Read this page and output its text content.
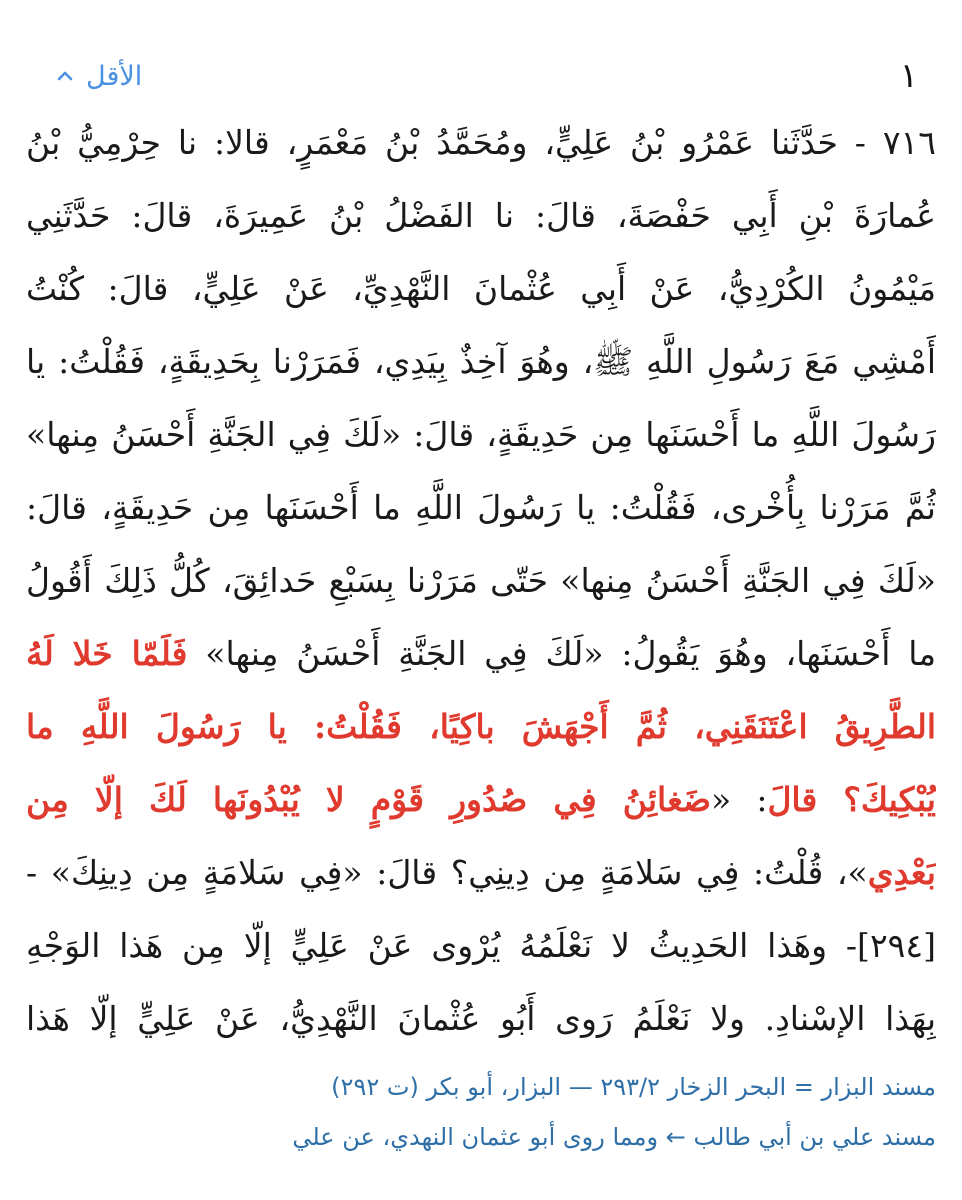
الأقل	١
٧١٦ - حَدَّثَنا عَمْرُو بْنُ عَلِيٍّ، ومُحَمَّدُ بْنُ مَعْمَرٍ، قالا: نا حِرْمِيُّ بْنُ
عُمارَةَ بْنِ أَبِي حَفْصَةَ، قالَ: نا الفَضْلُ بْنُ عَمِيرَةَ، قالَ: حَدَّثَنِي
مَيْمُونُ الكُرْدِيُّ، عَنْ أَبِي عُثْمانَ النَّهْدِيِّ، عَنْ عَلِيٍّ، قالَ: كُنْتُ
أَمْشِي مَعَ رَسُولِ اللَّهِ ﷺ، وهُوَ آخِذٌ بِيَدِي، فَمَرَرْنا بِحَدِيقَةٍ، فَقُلْتُ: يا
رَسُولَ اللَّهِ ما أَحْسَنَها مِن حَدِيقَةٍ، قالَ: «لَكَ فِي الجَنَّةِ أَحْسَنُ مِنها»
ثُمَّ مَرَرْنا بِأُخْرى، فَقُلْتُ: يا رَسُولَ اللَّهِ ما أَحْسَنَها مِن حَدِيقَةٍ، قالَ:
«لَكَ فِي الجَنَّةِ أَحْسَنُ مِنها» حَتّى مَرَرْنا بِسَبْعِ حَدائِقَ، كُلُّ ذَلِكَ أَقُولُ
ما أَحْسَنَها، وهُوَ يَقُولُ: «لَكَ فِي الجَنَّةِ أَحْسَنُ مِنها» فَلَمّا خَلا لَهُ
الطَّرِيقُ اعْتَنَقَنِي، ثُمَّ أَجْهَشَ باكِيًا، فَقُلْتُ: يا رَسُولَ اللَّهِ ما
يُبْكِيكَ؟ قالَ: «ضَغائِنُ فِي صُدُورِ قَوْمٍ لا يُبْدُونَها لَكَ إلّا مِن
بَعْدِي»، قُلْتُ: فِي سَلامَةٍ مِن دِينِي؟ قالَ: «فِي سَلامَةٍ مِن دِينِكَ» -
[٢٩٤]- وهَذا الحَدِيثُ لا نَعْلَمُهُ يُرْوى عَنْ عَلِيٍّ إلّا مِن هَذا الوَجْهِ
بِهَذا الإسْنادِ. ولا نَعْلَمُ رَوى أَبُو عُثْمانَ النَّهْدِيُّ، عَنْ عَلِيٍّ إلّا هَذا
مسند البزار = البحر الزخار ٢٩٣/٢ — البزار، أبو بكر (ت ٢٩٢)
مسند علي بن أبي طالب ← ومما روى أبو عثمان النهدي، عن علي
